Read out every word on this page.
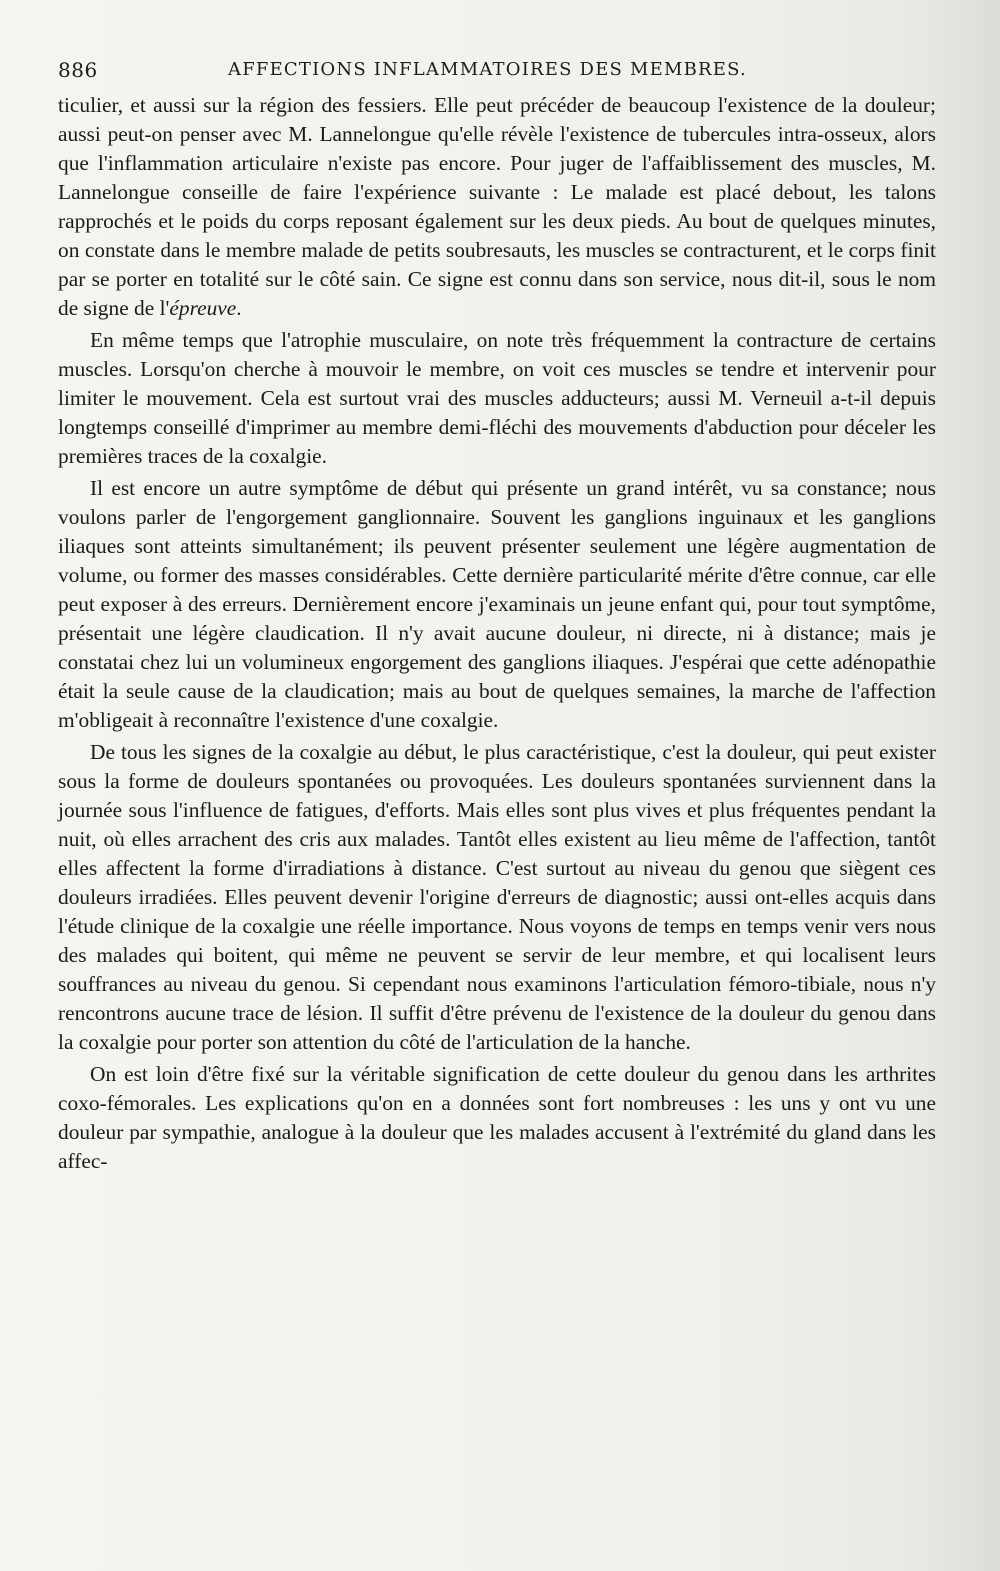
886	AFFECTIONS INFLAMMATOIRES DES MEMBRES.

ticulier, et aussi sur la région des fessiers. Elle peut précéder de beaucoup l'existence de la douleur; aussi peut-on penser avec M. Lannelongue qu'elle révèle l'existence de tubercules intra-osseux, alors que l'inflammation articulaire n'existe pas encore. Pour juger de l'affaiblissement des muscles, M. Lannelongue conseille de faire l'expérience suivante : Le malade est placé debout, les talons rapprochés et le poids du corps reposant également sur les deux pieds. Au bout de quelques minutes, on constate dans le membre malade de petits soubresauts, les muscles se contracturent, et le corps finit par se porter en totalité sur le côté sain. Ce signe est connu dans son service, nous dit-il, sous le nom de signe de l'épreuve.

En même temps que l'atrophie musculaire, on note très fréquemment la contracture de certains muscles. Lorsqu'on cherche à mouvoir le membre, on voit ces muscles se tendre et intervenir pour limiter le mouvement. Cela est surtout vrai des muscles adducteurs; aussi M. Verneuil a-t-il depuis longtemps conseillé d'imprimer au membre demi-fléchi des mouvements d'abduction pour déceler les premières traces de la coxalgie.

Il est encore un autre symptôme de début qui présente un grand intérêt, vu sa constance; nous voulons parler de l'engorgement ganglionnaire. Souvent les ganglions inguinaux et les ganglions iliaques sont atteints simultanément; ils peuvent présenter seulement une légère augmentation de volume, ou former des masses considérables. Cette dernière particularité mérite d'être connue, car elle peut exposer à des erreurs. Dernièrement encore j'examinais un jeune enfant qui, pour tout symptôme, présentait une légère claudication. Il n'y avait aucune douleur, ni directe, ni à distance; mais je constatai chez lui un volumineux engorgement des ganglions iliaques. J'espérai que cette adénopathie était la seule cause de la claudication; mais au bout de quelques semaines, la marche de l'affection m'obligeait à reconnaître l'existence d'une coxalgie.

De tous les signes de la coxalgie au début, le plus caractéristique, c'est la douleur, qui peut exister sous la forme de douleurs spontanées ou provoquées. Les douleurs spontanées surviennent dans la journée sous l'influence de fatigues, d'efforts. Mais elles sont plus vives et plus fréquentes pendant la nuit, où elles arrachent des cris aux malades. Tantôt elles existent au lieu même de l'affection, tantôt elles affectent la forme d'irradiations à distance. C'est surtout au niveau du genou que siègent ces douleurs irradiées. Elles peuvent devenir l'origine d'erreurs de diagnostic; aussi ont-elles acquis dans l'étude clinique de la coxalgie une réelle importance. Nous voyons de temps en temps venir vers nous des malades qui boitent, qui même ne peuvent se servir de leur membre, et qui localisent leurs souffrances au niveau du genou. Si cependant nous examinons l'articulation fémoro-tibiale, nous n'y rencontrons aucune trace de lésion. Il suffit d'être prévenu de l'existence de la douleur du genou dans la coxalgie pour porter son attention du côté de l'articulation de la hanche.

On est loin d'être fixé sur la véritable signification de cette douleur du genou dans les arthrites coxo-fémorales. Les explications qu'on en a données sont fort nombreuses : les uns y ont vu une douleur par sympathie, analogue à la douleur que les malades accusent à l'extrémité du gland dans les affec-
